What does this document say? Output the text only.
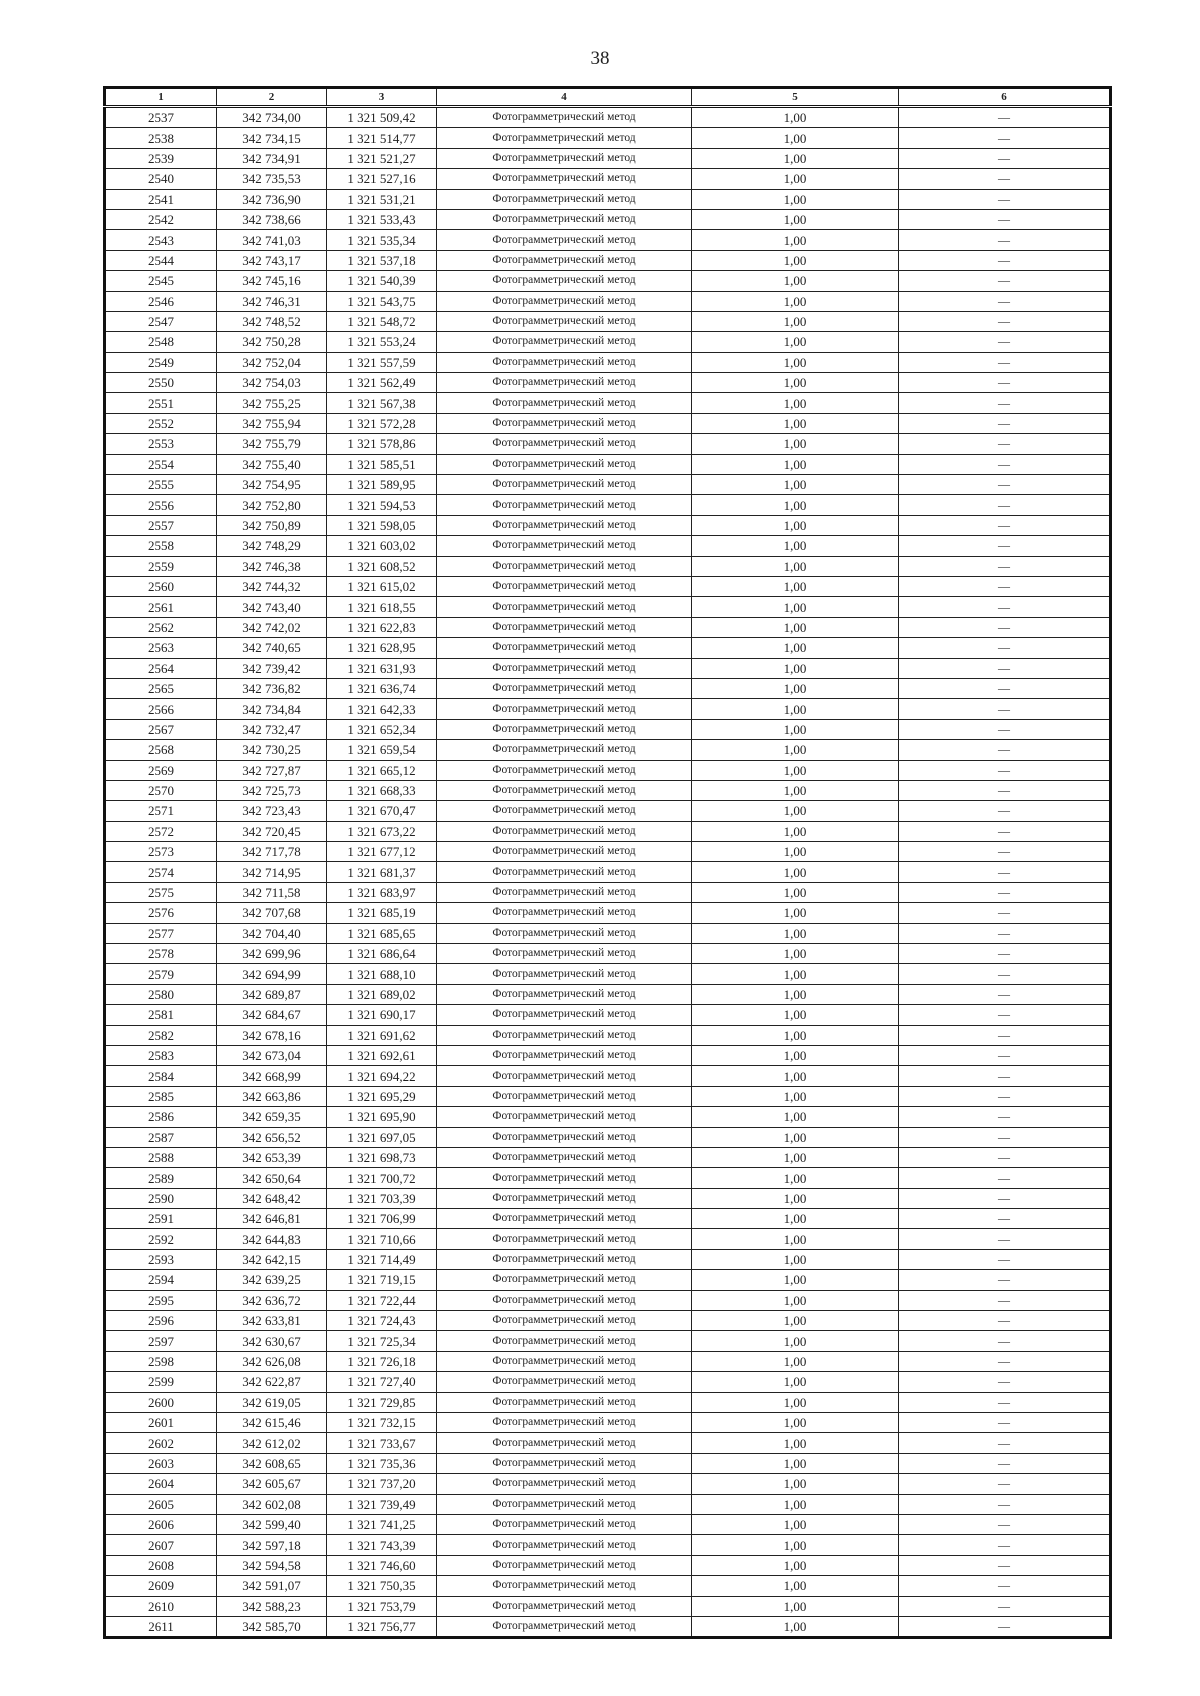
38
1	2	3	4	5	6
2537	342 734,00	1 321 509,42	Фотограмметрический метод	1,00	—
2538	342 734,15	1 321 514,77	Фотограмметрический метод	1,00	—
2539	342 734,91	1 321 521,27	Фотограмметрический метод	1,00	—
2540	342 735,53	1 321 527,16	Фотограмметрический метод	1,00	—
2541	342 736,90	1 321 531,21	Фотограмметрический метод	1,00	—
2542	342 738,66	1 321 533,43	Фотограмметрический метод	1,00	—
2543	342 741,03	1 321 535,34	Фотограмметрический метод	1,00	—
2544	342 743,17	1 321 537,18	Фотограмметрический метод	1,00	—
2545	342 745,16	1 321 540,39	Фотограмметрический метод	1,00	—
2546	342 746,31	1 321 543,75	Фотограмметрический метод	1,00	—
2547	342 748,52	1 321 548,72	Фотограмметрический метод	1,00	—
2548	342 750,28	1 321 553,24	Фотограмметрический метод	1,00	—
2549	342 752,04	1 321 557,59	Фотограмметрический метод	1,00	—
2550	342 754,03	1 321 562,49	Фотограмметрический метод	1,00	—
2551	342 755,25	1 321 567,38	Фотограмметрический метод	1,00	—
2552	342 755,94	1 321 572,28	Фотограмметрический метод	1,00	—
2553	342 755,79	1 321 578,86	Фотограмметрический метод	1,00	—
2554	342 755,40	1 321 585,51	Фотограмметрический метод	1,00	—
2555	342 754,95	1 321 589,95	Фотограмметрический метод	1,00	—
2556	342 752,80	1 321 594,53	Фотограмметрический метод	1,00	—
2557	342 750,89	1 321 598,05	Фотограмметрический метод	1,00	—
2558	342 748,29	1 321 603,02	Фотограмметрический метод	1,00	—
2559	342 746,38	1 321 608,52	Фотограмметрический метод	1,00	—
2560	342 744,32	1 321 615,02	Фотограмметрический метод	1,00	—
2561	342 743,40	1 321 618,55	Фотограмметрический метод	1,00	—
2562	342 742,02	1 321 622,83	Фотограмметрический метод	1,00	—
2563	342 740,65	1 321 628,95	Фотограмметрический метод	1,00	—
2564	342 739,42	1 321 631,93	Фотограмметрический метод	1,00	—
2565	342 736,82	1 321 636,74	Фотограмметрический метод	1,00	—
2566	342 734,84	1 321 642,33	Фотограмметрический метод	1,00	—
2567	342 732,47	1 321 652,34	Фотограмметрический метод	1,00	—
2568	342 730,25	1 321 659,54	Фотограмметрический метод	1,00	—
2569	342 727,87	1 321 665,12	Фотограмметрический метод	1,00	—
2570	342 725,73	1 321 668,33	Фотограмметрический метод	1,00	—
2571	342 723,43	1 321 670,47	Фотограмметрический метод	1,00	—
2572	342 720,45	1 321 673,22	Фотограмметрический метод	1,00	—
2573	342 717,78	1 321 677,12	Фотограмметрический метод	1,00	—
2574	342 714,95	1 321 681,37	Фотограмметрический метод	1,00	—
2575	342 711,58	1 321 683,97	Фотограмметрический метод	1,00	—
2576	342 707,68	1 321 685,19	Фотограмметрический метод	1,00	—
2577	342 704,40	1 321 685,65	Фотограмметрический метод	1,00	—
2578	342 699,96	1 321 686,64	Фотограмметрический метод	1,00	—
2579	342 694,99	1 321 688,10	Фотограмметрический метод	1,00	—
2580	342 689,87	1 321 689,02	Фотограмметрический метод	1,00	—
2581	342 684,67	1 321 690,17	Фотограмметрический метод	1,00	—
2582	342 678,16	1 321 691,62	Фотограмметрический метод	1,00	—
2583	342 673,04	1 321 692,61	Фотограмметрический метод	1,00	—
2584	342 668,99	1 321 694,22	Фотограмметрический метод	1,00	—
2585	342 663,86	1 321 695,29	Фотограмметрический метод	1,00	—
2586	342 659,35	1 321 695,90	Фотограмметрический метод	1,00	—
2587	342 656,52	1 321 697,05	Фотограмметрический метод	1,00	—
2588	342 653,39	1 321 698,73	Фотограмметрический метод	1,00	—
2589	342 650,64	1 321 700,72	Фотограмметрический метод	1,00	—
2590	342 648,42	1 321 703,39	Фотограмметрический метод	1,00	—
2591	342 646,81	1 321 706,99	Фотограмметрический метод	1,00	—
2592	342 644,83	1 321 710,66	Фотограмметрический метод	1,00	—
2593	342 642,15	1 321 714,49	Фотограмметрический метод	1,00	—
2594	342 639,25	1 321 719,15	Фотограмметрический метод	1,00	—
2595	342 636,72	1 321 722,44	Фотограмметрический метод	1,00	—
2596	342 633,81	1 321 724,43	Фотограмметрический метод	1,00	—
2597	342 630,67	1 321 725,34	Фотограмметрический метод	1,00	—
2598	342 626,08	1 321 726,18	Фотограмметрический метод	1,00	—
2599	342 622,87	1 321 727,40	Фотограмметрический метод	1,00	—
2600	342 619,05	1 321 729,85	Фотограмметрический метод	1,00	—
2601	342 615,46	1 321 732,15	Фотограмметрический метод	1,00	—
2602	342 612,02	1 321 733,67	Фотограмметрический метод	1,00	—
2603	342 608,65	1 321 735,36	Фотограмметрический метод	1,00	—
2604	342 605,67	1 321 737,20	Фотограмметрический метод	1,00	—
2605	342 602,08	1 321 739,49	Фотограмметрический метод	1,00	—
2606	342 599,40	1 321 741,25	Фотограмметрический метод	1,00	—
2607	342 597,18	1 321 743,39	Фотограмметрический метод	1,00	—
2608	342 594,58	1 321 746,60	Фотограмметрический метод	1,00	—
2609	342 591,07	1 321 750,35	Фотограмметрический метод	1,00	—
2610	342 588,23	1 321 753,79	Фотограмметрический метод	1,00	—
2611	342 585,70	1 321 756,77	Фотограмметрический метод	1,00	—
